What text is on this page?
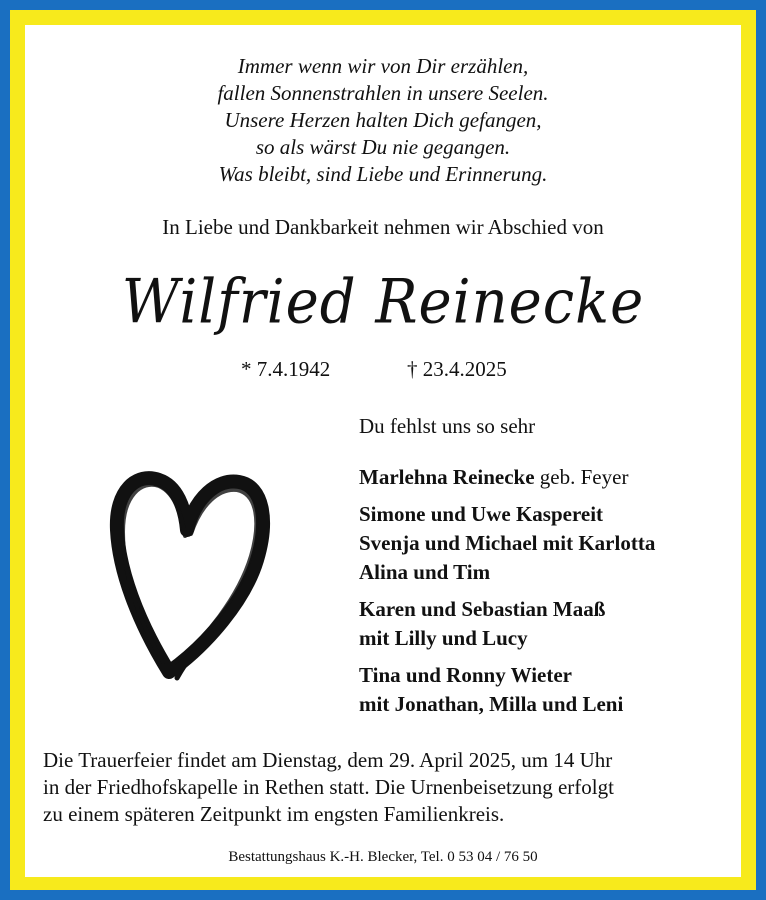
Immer wenn wir von Dir erzählen,
fallen Sonnenstrahlen in unsere Seelen.
Unsere Herzen halten Dich gefangen,
so als wärst Du nie gegangen.
Was bleibt, sind Liebe und Erinnerung.
In Liebe und Dankbarkeit nehmen wir Abschied von
Wilfried Reinecke
* 7.4.1942	† 23.4.2025
Du fehlst uns so sehr
Marlehna Reinecke geb. Feyer
Simone und Uwe Kaspereit
Svenja und Michael mit Karlotta
Alina und Tim
Karen und Sebastian Maaß
mit Lilly und Lucy
Tina und Ronny Wieter
mit Jonathan, Milla und Leni
Die Trauerfeier findet am Dienstag, dem 29. April 2025, um 14 Uhr
in der Friedhofskapelle in Rethen statt. Die Urnenbeisetzung erfolgt
zu einem späteren Zeitpunkt im engsten Familienkreis.
Bestattungshaus K.-H. Blecker, Tel. 0 53 04 / 76 50
